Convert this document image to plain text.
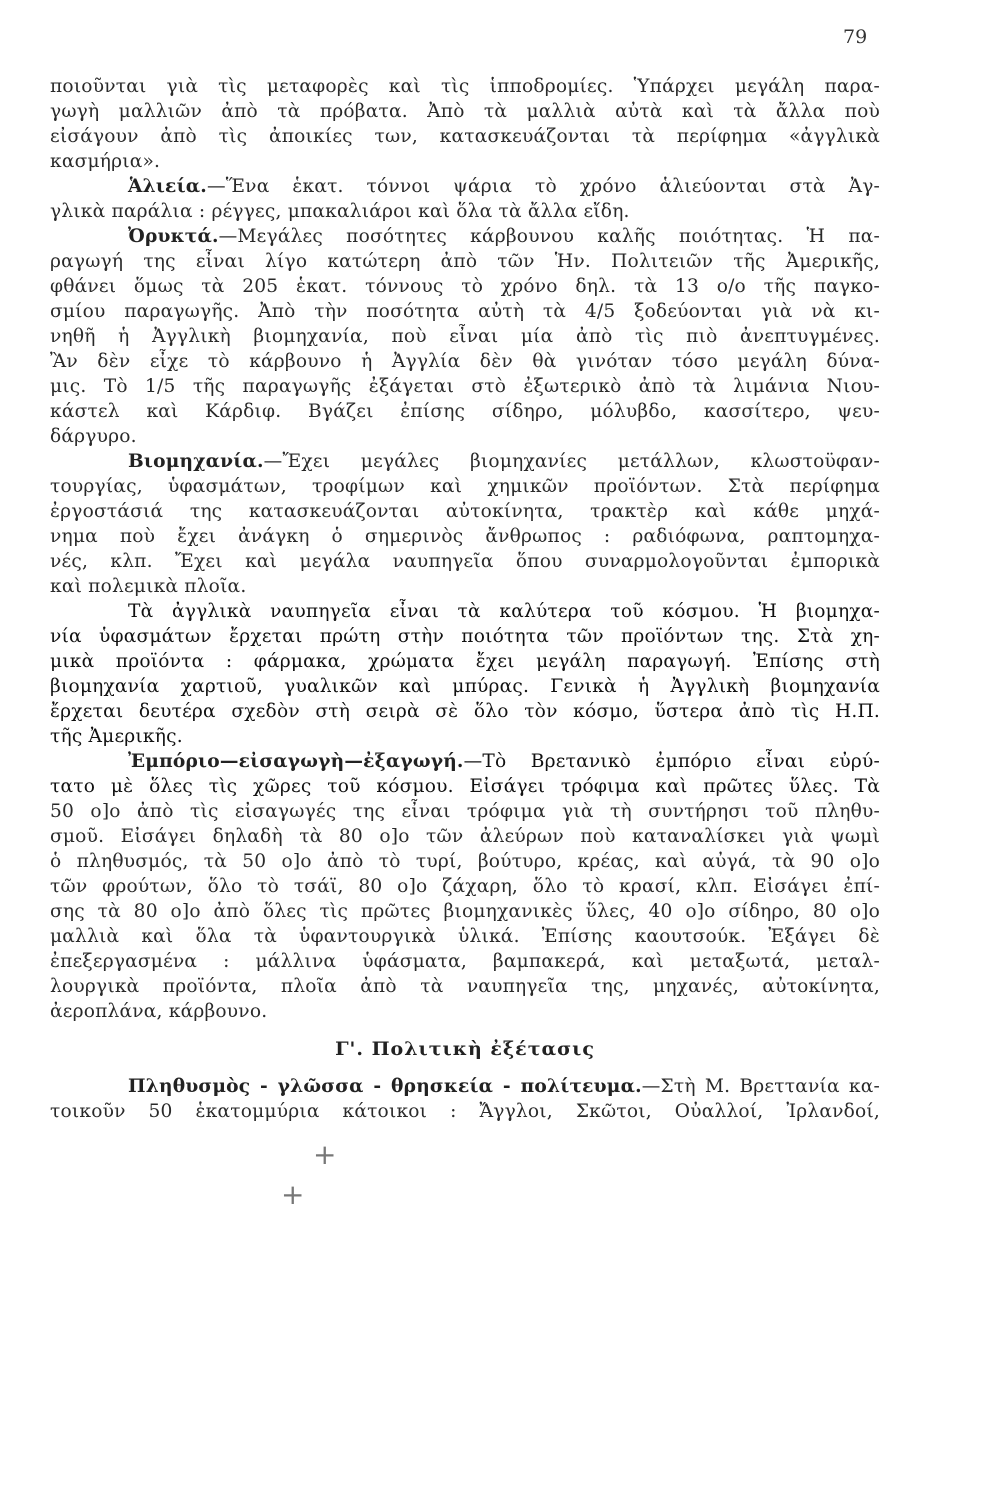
79
ποιοῦνται γιὰ τὶς μεταφορὲς καὶ τὶς ἱπποδρομίες. Ὑπάρχει μεγάλη παρα-
γωγὴ μαλλιῶν ἀπὸ τὰ πρόβατα. Ἀπὸ τὰ μαλλιὰ αὐτὰ καὶ τὰ ἄλλα ποὺ
εἰσάγουν ἀπὸ τὶς ἀποικίες των, κατασκευάζονται τὰ περίφημα «ἀγγλικὰ
κασμήρια».
Ἁλιεία.—Ἕνα ἑκατ. τόννοι ψάρια τὸ χρόνο ἁλιεύονται στὰ Ἀγ-
γλικὰ παράλια : ρέγγες, μπακαλιάροι καὶ ὅλα τὰ ἄλλα εἴδη.
Ὀρυκτά.—Μεγάλες ποσότητες κάρβουνου καλῆς ποιότητας. Ἡ πα-
ραγωγή της εἶναι λίγο κατώτερη ἀπὸ τῶν Ἡν. Πολιτειῶν τῆς Ἀμερικῆς,
φθάνει ὅμως τὰ 205 ἑκατ. τόννους τὸ χρόνο δηλ. τὰ 13 ο/ο τῆς παγκο-
σμίου παραγωγῆς. Ἀπὸ τὴν ποσότητα αὐτὴ τὰ 4/5 ξοδεύονται γιὰ νὰ κι-
νηθῆ ἡ Ἀγγλικὴ βιομηχανία, ποὺ εἶναι μία ἀπὸ τὶς πιὸ ἀνεπτυγμένες.
Ἂν δὲν εἶχε τὸ κάρβουνο ἡ Ἀγγλία δὲν θὰ γινόταν τόσο μεγάλη δύνα-
μις. Τὸ 1/5 τῆς παραγωγῆς ἐξάγεται στὸ ἐξωτερικὸ ἀπὸ τὰ λιμάνια Νιου-
κάστελ καὶ Κάρδιφ. Βγάζει ἐπίσης σίδηρο, μόλυβδο, κασσίτερο, ψευ-
δάργυρο.
Βιομηχανία.—Ἔχει μεγάλες βιομηχανίες μετάλλων, κλωστοϋφαν-
τουργίας, ὑφασμάτων, τροφίμων καὶ χημικῶν προϊόντων. Στὰ περίφημα
ἐργοστάσιά της κατασκευάζονται αὐτοκίνητα, τρακτὲρ καὶ κάθε μηχά-
νημα ποὺ ἔχει ἀνάγκη ὁ σημερινὸς ἄνθρωπος : ραδιόφωνα, ραπτομηχα-
νές, κλπ. Ἔχει καὶ μεγάλα ναυπηγεῖα ὅπου συναρμολογοῦνται ἐμπορικὰ
καὶ πολεμικὰ πλοῖα.
Τὰ ἀγγλικὰ ναυπηγεῖα εἶναι τὰ καλύτερα τοῦ κόσμου. Ἡ βιομηχα-
νία ὑφασμάτων ἔρχεται πρώτη στὴν ποιότητα τῶν προϊόντων της. Στὰ χη-
μικὰ προϊόντα : φάρμακα, χρώματα ἔχει μεγάλη παραγωγή. Ἐπίσης στὴ
βιομηχανία χαρτιοῦ, γυαλικῶν καὶ μπύρας. Γενικὰ ἡ Ἀγγλικὴ βιομηχανία
ἔρχεται δευτέρα σχεδὸν στὴ σειρὰ σὲ ὅλο τὸν κόσμο, ὕστερα ἀπὸ τὶς Η.Π.
τῆς Ἀμερικῆς.
Ἐμπόριο—εἰσαγωγὴ—ἐξαγωγή.—Τὸ Βρετανικὸ ἐμπόριο εἶναι εὐρύ-
τατο μὲ ὅλες τὶς χῶρες τοῦ κόσμου. Εἰσάγει τρόφιμα καὶ πρῶτες ὕλες. Τὰ
50 ο]ο ἀπὸ τὶς εἰσαγωγές της εἶναι τρόφιμα γιὰ τὴ συντήρησι τοῦ πληθυ-
σμοῦ. Εἰσάγει δηλαδὴ τὰ 80 ο]ο τῶν ἀλεύρων ποὺ καταναλίσκει γιὰ ψωμὶ
ὁ πληθυσμός, τὰ 50 ο]ο ἀπὸ τὸ τυρί, βούτυρο, κρέας, καὶ αὐγά, τὰ 90 ο]ο
τῶν φρούτων, ὅλο τὸ τσάϊ, 80 ο]ο ζάχαρη, ὅλο τὸ κρασί, κλπ. Εἰσάγει ἐπί-
σης τὰ 80 ο]ο ἀπὸ ὅλες τὶς πρῶτες βιομηχανικὲς ὕλες, 40 ο]ο σίδηρο, 80 ο]ο
μαλλιὰ καὶ ὅλα τὰ ὑφαντουργικὰ ὑλικά. Ἐπίσης καουτσούκ. Ἐξάγει δὲ
ἐπεξεργασμένα : μάλλινα ὑφάσματα, βαμπακερά, καὶ μεταξωτά, μεταλ-
λουργικὰ προϊόντα, πλοῖα ἀπὸ τὰ ναυπηγεῖα της, μηχανές, αὐτοκίνητα,
ἀεροπλάνα, κάρβουνο.
Γ'. Πολιτικὴ ἐξέτασις
Πληθυσμὸς - γλῶσσα - θρησκεία - πολίτευμα.—Στὴ Μ. Βρεττανία κα-
τοικοῦν 50 ἑκατομμύρια κάτοικοι : Ἄγγλοι, Σκῶτοι, Οὐαλλοί, Ἰρλανδοί,
+
+
